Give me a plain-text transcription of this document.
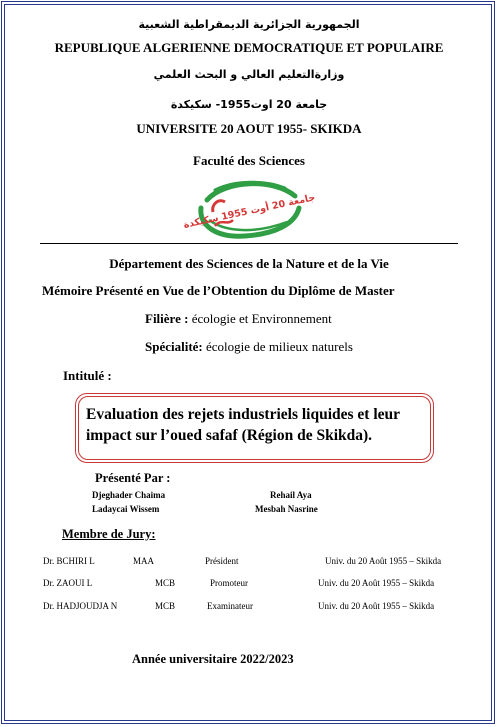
الجمهورية الجزائرية الديمقراطية الشعبية
REPUBLIQUE ALGERIENNE DEMOCRATIQUE ET POPULAIRE
وزارةالتعليم العالي و البحث العلمي
جامعة 20 اوت1955- سكيكدة
UNIVERSITE 20 AOUT 1955- SKIKDA
Faculté des Sciences
جامعة 20 أوت 1955 سكيكدة
Département des Sciences de la Nature et de la Vie
Mémoire Présenté en Vue de l’Obtention du Diplôme de Master
Filière : écologie et Environnement
Spécialité: écologie de milieux naturels
Intitulé :
Evaluation des rejets industriels liquides et leur impact sur l’oued safaf (Région de Skikda).
Présenté Par :
Djeghader Chaima	Rehail Aya
Ladaycai Wissem	Mesbah Nasrine
Membre de Jury:
Dr. BCHIRI L	MAA	Président	Univ. du 20 Août 1955 – Skikda
Dr. ZAOUI L	MCB	Promoteur	Univ. du 20 Août 1955 – Skikda
Dr. HADJOUDJA N	MCB	Examinateur	Univ. du 20 Août 1955 – Skikda
Année universitaire 2022/2023
